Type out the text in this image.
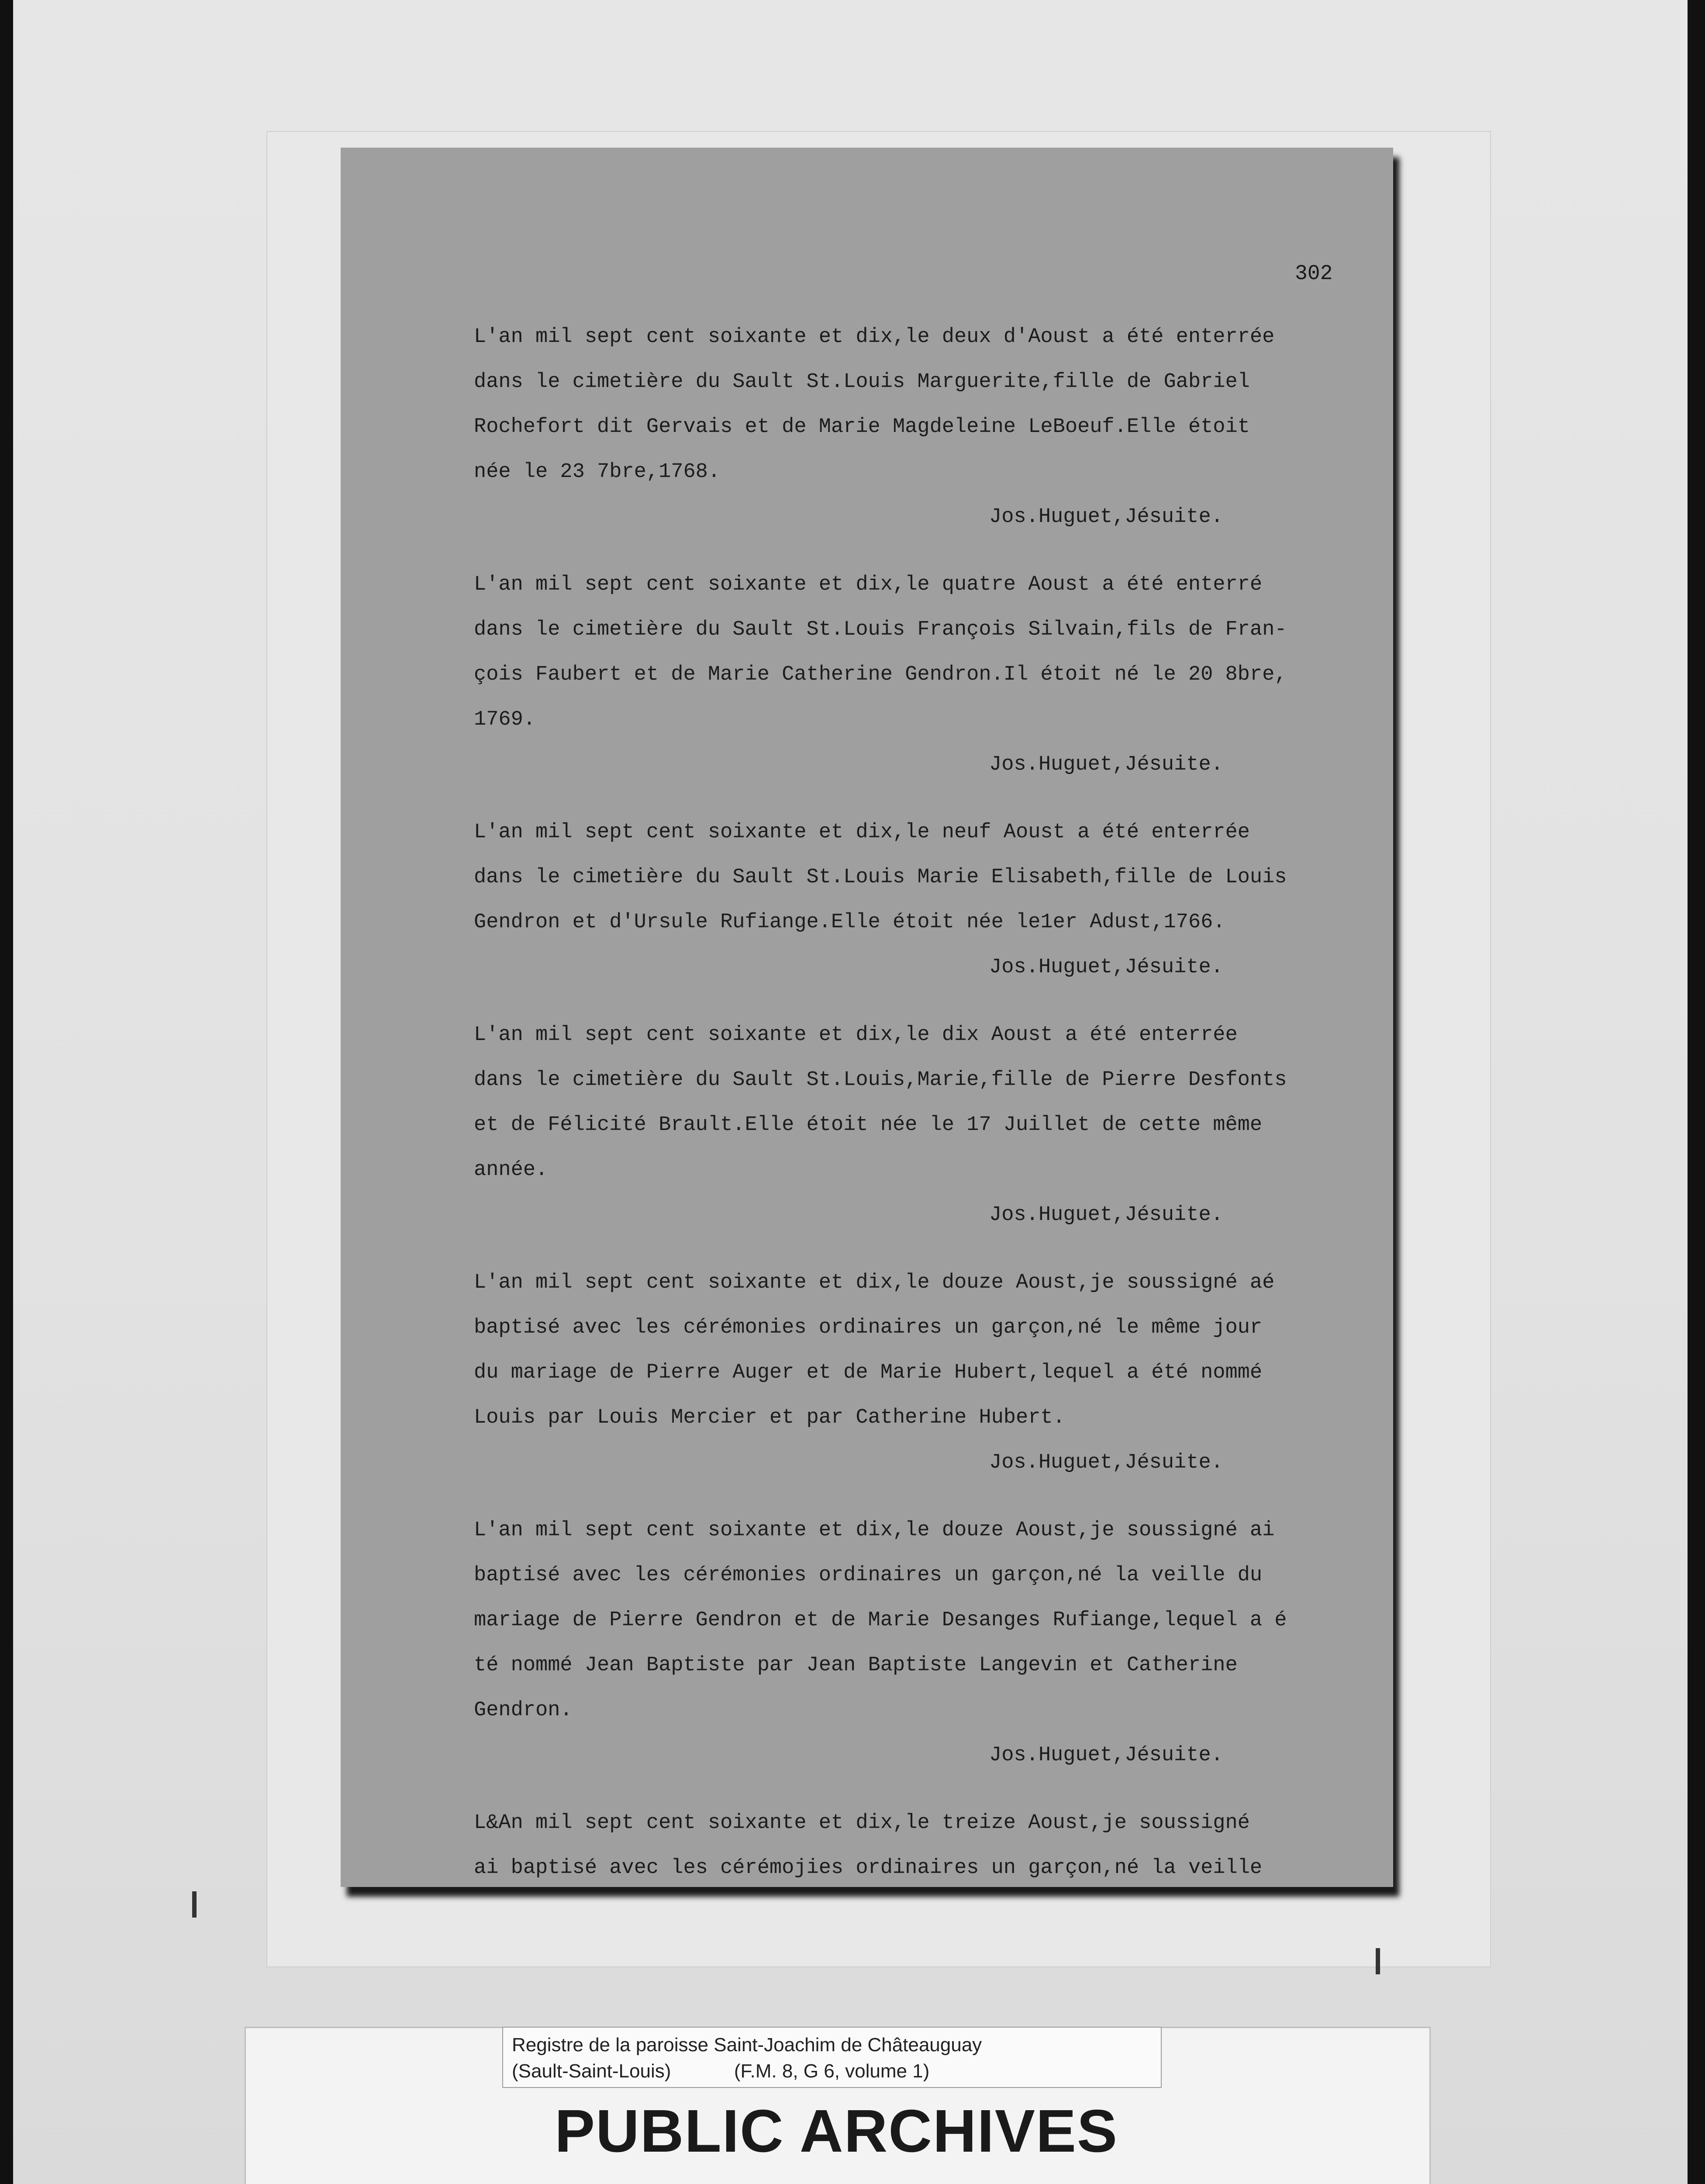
302
L'an mil sept cent soixante et dix,le deux d'Aoust a été enterrée
dans le cimetière du Sault St.Louis Marguerite,fille de Gabriel
Rochefort dit Gervais et de Marie Magdeleine LeBoeuf.Elle étoit
née le 23 7bre,1768.
Jos.Huguet,Jésuite.
L'an mil sept cent soixante et dix,le quatre Aoust a été enterré
dans le cimetière du Sault St.Louis François Silvain,fils de Fran-
çois Faubert et de Marie Catherine Gendron.Il étoit né le 20 8bre,
1769.
Jos.Huguet,Jésuite.
L'an mil sept cent soixante et dix,le neuf Aoust a été enterrée
dans le cimetière du Sault St.Louis Marie Elisabeth,fille de Louis
Gendron et d'Ursule Rufiange.Elle étoit née le1er Adust,1766.
Jos.Huguet,Jésuite.
L'an mil sept cent soixante et dix,le dix Aoust a été enterrée
dans le cimetière du Sault St.Louis,Marie,fille de Pierre Desfonts
et de Félicité Brault.Elle étoit née le 17 Juillet de cette même
année.
Jos.Huguet,Jésuite.
L'an mil sept cent soixante et dix,le douze Aoust,je soussigné aé
baptisé avec les cérémonies ordinaires un garçon,né le même jour
du mariage de Pierre Auger et de Marie Hubert,lequel a été nommé
Louis par Louis Mercier et par Catherine Hubert.
Jos.Huguet,Jésuite.
L'an mil sept cent soixante et dix,le douze Aoust,je soussigné ai
baptisé avec les cérémonies ordinaires un garçon,né la veille du
mariage de Pierre Gendron et de Marie Desanges Rufiange,lequel a é
té nommé Jean Baptiste par Jean Baptiste Langevin et Catherine
Gendron.
Jos.Huguet,Jésuite.
L&An mil sept cent soixante et dix,le treize Aoust,je soussigné
ai baptisé avec les cérémojies ordinaires un garçon,né la veille
Registre de la paroisse Saint-Joachim de Châteauguay
(Sault-Saint-Louis)	(F.M. 8, G 6, volume 1)
PUBLIC ARCHIVES
